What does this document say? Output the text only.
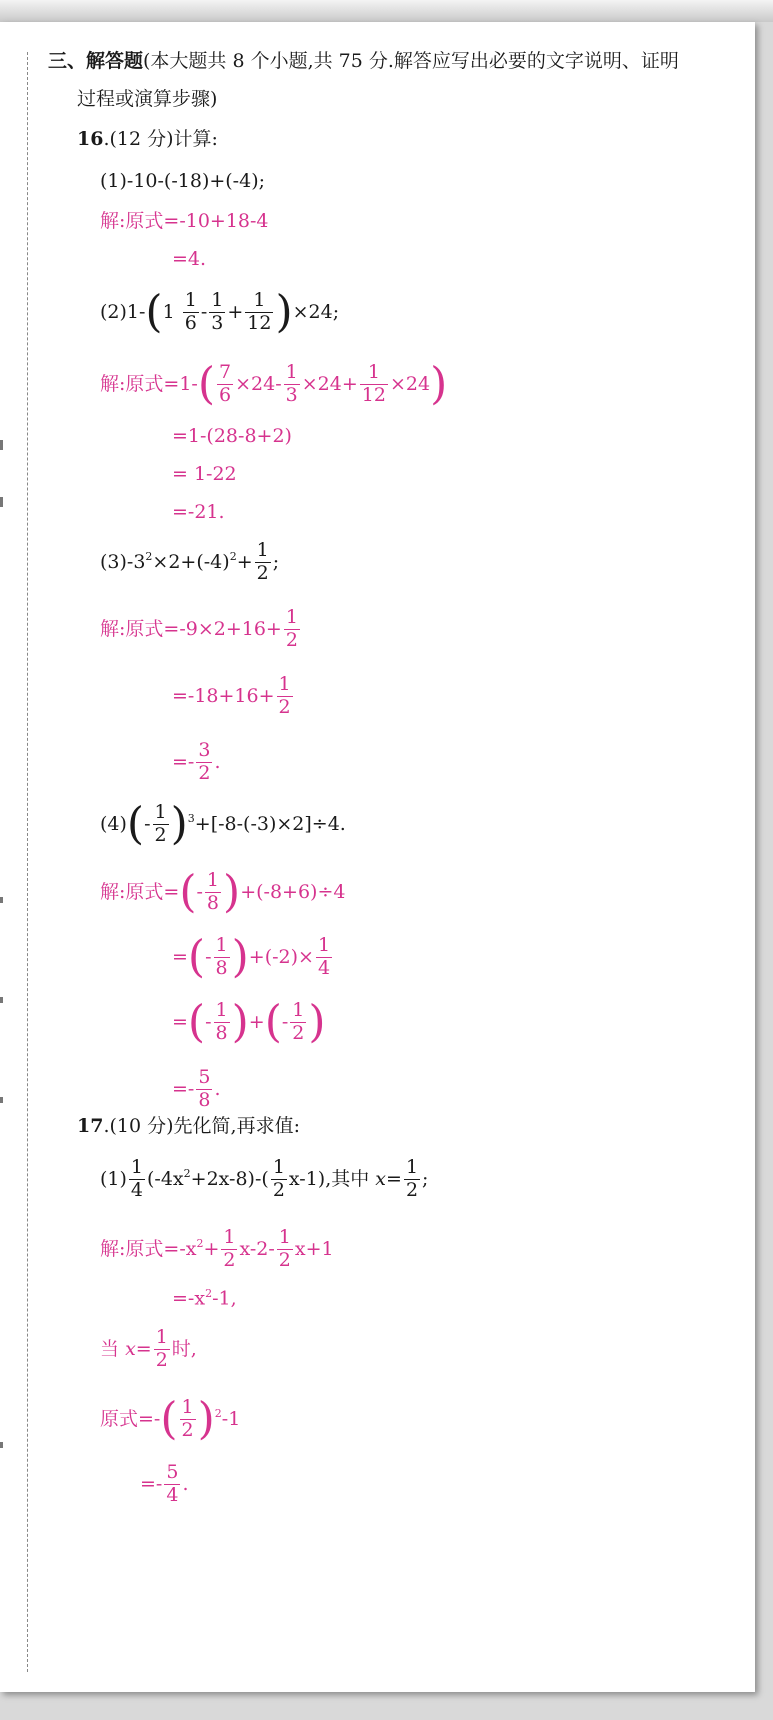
三、解答题(本大题共 8 个小题,共 75 分.解答应写出必要的文字说明、证明
过程或演算步骤)
16.(12 分)计算:
(1)-10-(-18)+(-4);
解:原式=-10+18-4
=4.
$(2)1-(1 \frac{1}{6} - \frac{1}{3} + \frac{1}{12} )\times 24$;
解:原式$=1-( \frac{7}{6} \times 24- \frac{1}{3} \times 24+ \frac{1}{12} \times 24)$
=1-(28-8+2)
= 1-22
=-21.
$(3)-3^2\times 2+(-4)^2+ \frac{1}{2}$ ;
解:原式$=-9\times 2+16+ \frac{1}{2}$
$=-18+16+ \frac{1}{2}$
=- $\frac{3}{2}$ .
$(4)(- \frac{1}{2} )^3+[-8-(-3)\times 2]\div 4$.
解:原式=(- $\frac{1}{8} )+(-8+6)\div 4$
=(- $\frac{1}{8} )+(-2)\times \frac{1}{4}$
=(- $\frac{1}{8}$ )+(- $\frac{1}{2}$ )
=- $\frac{5}{8}$ .
17.(10 分)先化简,再求值:
$(1) \frac{1}{4} (-4x^2+2x-8)-( \frac{1}{2} x-1)$,其中 $x= \frac{1}{2}$ ;
解:原式$=-x^2+ \frac{1}{2} x-2- \frac{1}{2} x+1$
$=-x^2-1$,
当 $x= \frac{1}{2}$ 时,
原式=-( $\frac{1}{2} )^2-1$
=- $\frac{5}{4}$ .
